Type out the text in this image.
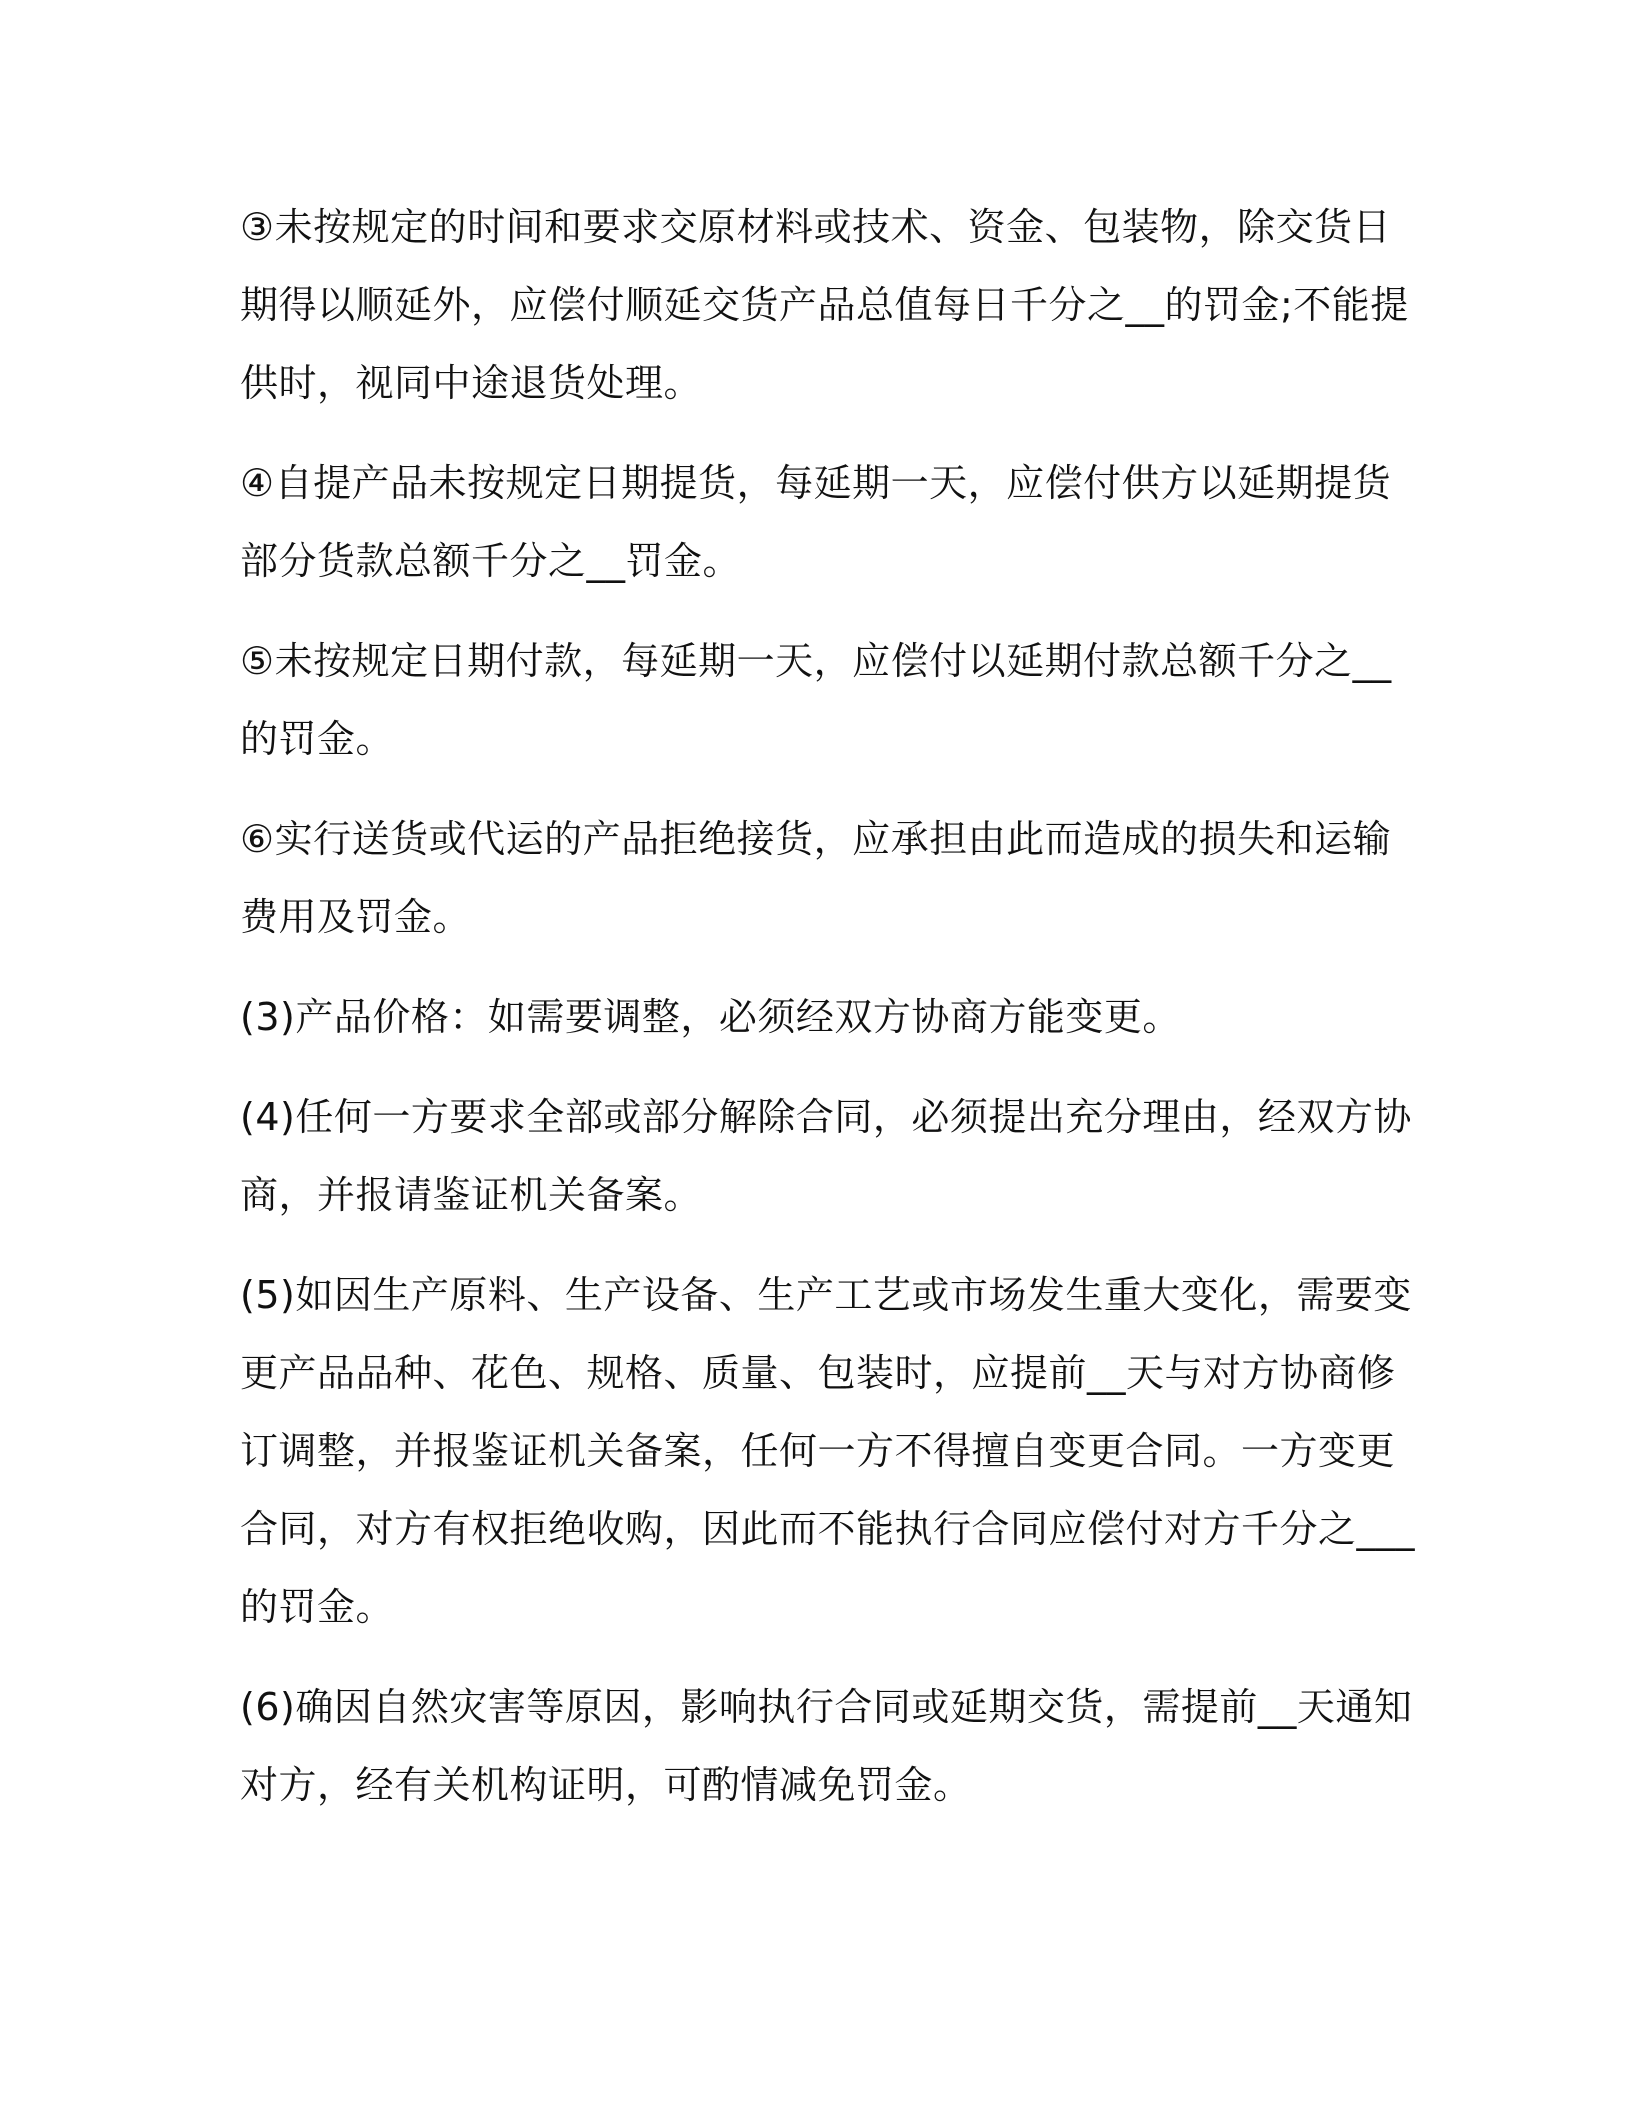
③未按规定的时间和要求交原材料或技术、资金、包装物，除交货日
期得以顺延外，应偿付顺延交货产品总值每日千分之__的罚金;不能提
供时，视同中途退货处理。

④自提产品未按规定日期提货，每延期一天，应偿付供方以延期提货
部分货款总额千分之__罚金。

⑤未按规定日期付款，每延期一天，应偿付以延期付款总额千分之__
的罚金。

⑥实行送货或代运的产品拒绝接货，应承担由此而造成的损失和运输
费用及罚金。

(3)产品价格：如需要调整，必须经双方协商方能变更。

(4)任何一方要求全部或部分解除合同，必须提出充分理由，经双方协
商，并报请鉴证机关备案。

(5)如因生产原料、生产设备、生产工艺或市场发生重大变化，需要变
更产品品种、花色、规格、质量、包装时，应提前__天与对方协商修
订调整，并报鉴证机关备案，任何一方不得擅自变更合同。一方变更
合同，对方有权拒绝收购，因此而不能执行合同应偿付对方千分之___
的罚金。

(6)确因自然灾害等原因，影响执行合同或延期交货，需提前__天通知
对方，经有关机构证明，可酌情减免罚金。
